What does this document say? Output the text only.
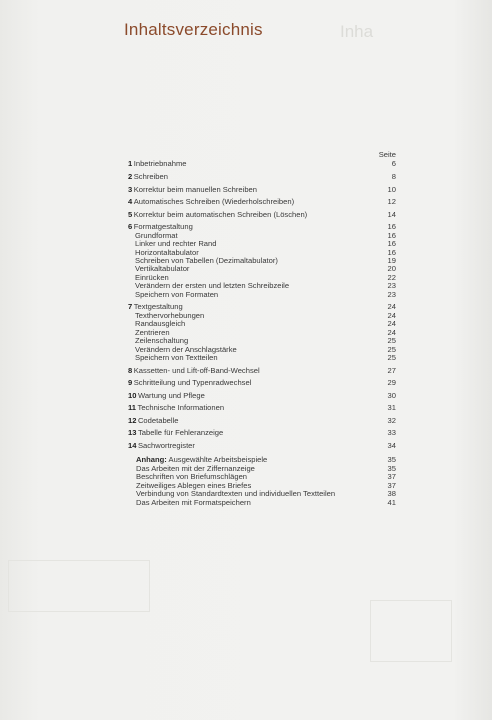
Inha
Inhaltsverzeichnis
Seite
1 Inbetriebnahme	6
2 Schreiben	8
3 Korrektur beim manuellen Schreiben	10
4 Automatisches Schreiben (Wiederholschreiben)	12
5 Korrektur beim automatischen Schreiben (Löschen)	14
6 Formatgestaltung	16
Grundformat	16
Linker und rechter Rand	16
Horizontaltabulator	16
Schreiben von Tabellen (Dezimaltabulator)	19
Vertikaltabulator	20
Einrücken	22
Verändern der ersten und letzten Schreibzeile	23
Speichern von Formaten	23
7 Textgestaltung	24
Texthervorhebungen	24
Randausgleich	24
Zentrieren	24
Zeilenschaltung	25
Verändern der Anschlagstärke	25
Speichern von Textteilen	25
8 Kassetten- und Lift-off-Band-Wechsel	27
9 Schritteilung und Typenradwechsel	29
10 Wartung und Pflege	30
11 Technische Informationen	31
12 Codetabelle	32
13 Tabelle für Fehleranzeige	33
14 Sachwortregister	34
Anhang: Ausgewählte Arbeitsbeispiele	35
Das Arbeiten mit der Ziffernanzeige	35
Beschriften von Briefumschlägen	37
Zeitweiliges Ablegen eines Briefes	37
Verbindung von Standardtexten und individuellen Textteilen	38
Das Arbeiten mit Formatspeichern	41
